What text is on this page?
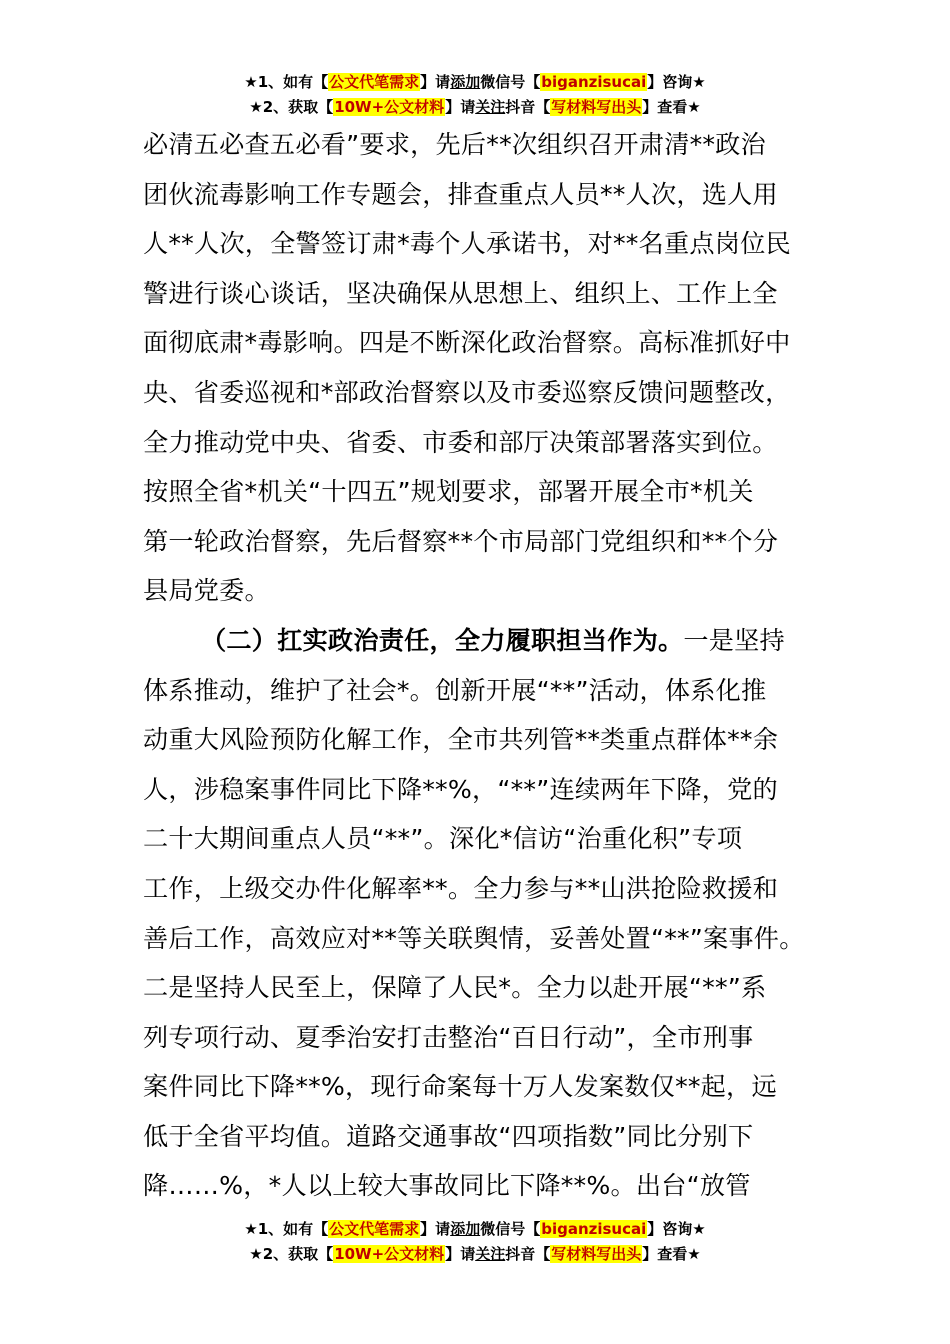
★1、如有【公文代笔需求】请添加微信号【biganzisucai】咨询★
★2、获取【10W+公文材料】请关注抖音【写材料写出头】查看★
必清五必查五必看”要求，先后**次组织召开肃清**政治
团伙流毒影响工作专题会，排查重点人员**人次，选人用
人**人次，全警签订肃*毒个人承诺书，对**名重点岗位民
警进行谈心谈话，坚决确保从思想上、组织上、工作上全
面彻底肃*毒影响。四是不断深化政治督察。高标准抓好中
央、省委巡视和*部政治督察以及市委巡察反馈问题整改，
全力推动党中央、省委、市委和部厅决策部署落实到位。
按照全省*机关“十四五”规划要求，部署开展全市*机关
第一轮政治督察，先后督察**个市局部门党组织和**个分
县局党委。
（二）扛实政治责任，全力履职担当作为。一是坚持
体系推动，维护了社会*。创新开展“**”活动，体系化推
动重大风险预防化解工作，全市共列管**类重点群体**余
人，涉稳案事件同比下降**%，“**”连续两年下降，党的
二十大期间重点人员“**”。深化*信访“治重化积”专项
工作，上级交办件化解率**。全力参与**山洪抢险救援和
善后工作，高效应对**等关联舆情，妥善处置“**”案事件。
二是坚持人民至上，保障了人民*。全力以赴开展“**”系
列专项行动、夏季治安打击整治“百日行动”，全市刑事
案件同比下降**%，现行命案每十万人发案数仅**起，远
低于全省平均值。道路交通事故“四项指数”同比分别下
降……%，*人以上较大事故同比下降**%。出台“放管
★1、如有【公文代笔需求】请添加微信号【biganzisucai】咨询★
★2、获取【10W+公文材料】请关注抖音【写材料写出头】查看★
